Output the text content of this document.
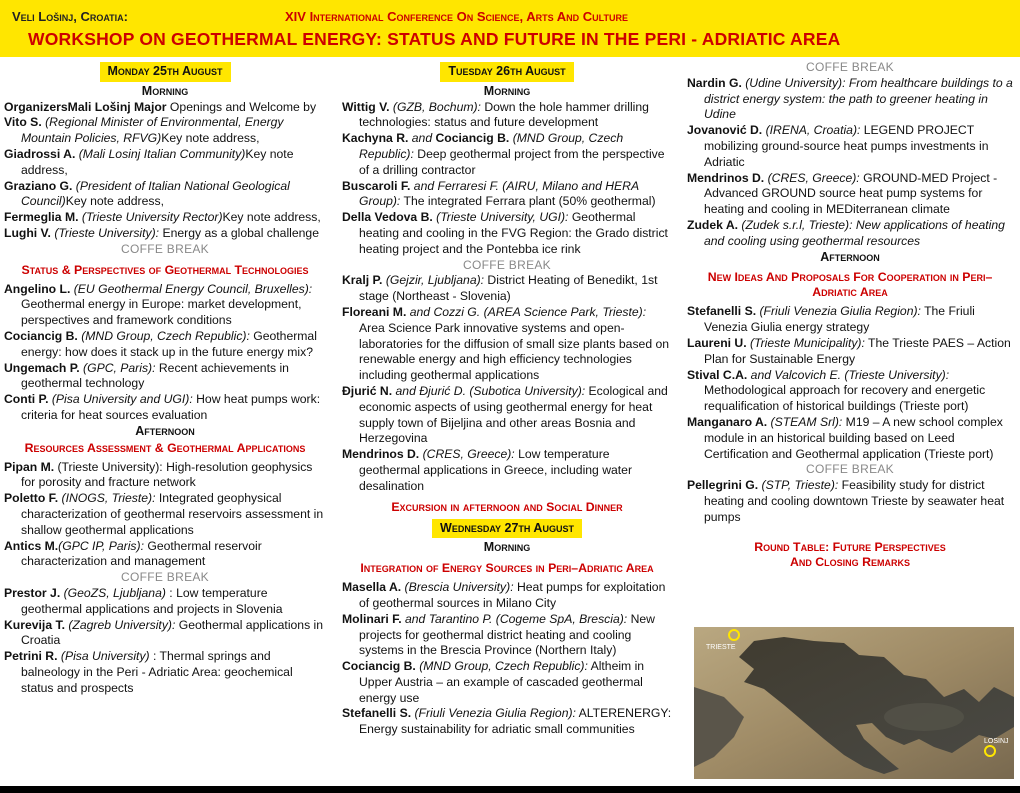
Veli Lošinj, Croatia:	XIV International Conference On Science, Arts And Culture
WORKSHOP ON GEOTHERMAL ENERGY: STATUS AND FUTURE IN THE PERI - ADRIATIC AREA
Monday 25th August
Morning
OrganizersMali Lošinj Major Openings and Welcome by
Vito S. (Regional Minister of Environmental, Energy Mountain Policies, RFVG)Key note address,
Giadrossi A. (Mali Losinj Italian Community)Key note address,
Graziano G. (President of Italian National Geological Council)Key note address,
Fermeglia M. (Trieste University Rector)Key note address,
Lughi V. (Trieste University): Energy as a global challenge
COFFE BREAK
Status & Perspectives of Geothermal Technologies
Angelino L. (EU Geothermal Energy Council, Bruxelles): Geothermal energy in Europe: market development, perspectives and framework conditions
Cociancig B. (MND Group, Czech Republic): Geothermal energy: how does it stack up in the future energy mix?
Ungemach P. (GPC, Paris): Recent achievements in geothermal technology
Conti P. (Pisa University and UGI): How heat pumps work: criteria for heat sources evaluation
Afternoon
Resources Assessment & Geothermal Applications
Pipan M. (Trieste University): High-resolution geophysics for porosity and fracture network
Poletto F. (INOGS, Trieste): Integrated geophysical characterization of geothermal reservoirs assessment in shallow geothermal applications
Antics M.(GPC IP, Paris): Geothermal reservoir characterization and management
COFFE BREAK
Prestor J. (GeoZS, Ljubljana) : Low temperature geothermal applications and projects in Slovenia
Kurevija T. (Zagreb University): Geothermal applications in Croatia
Petrini R. (Pisa University) : Thermal springs and balneology in the Peri - Adriatic Area: geochemical status and prospects
Tuesday 26th August
Morning
Wittig V. (GZB, Bochum): Down the hole hammer drilling technologies: status and future development
Kachyna R. and Cociancig B. (MND Group, Czech Republic): Deep geothermal project from the perspective of a drilling contractor
Buscaroli F. and Ferraresi F. (AIRU, Milano and HERA Group): The integrated Ferrara plant (50% geothermal)
Della Vedova B. (Trieste University, UGI): Geothermal heating and cooling in the FVG Region: the Grado district heating project and the Pontebba ice rink
COFFE BREAK
Kralj P. (Gejzir, Ljubljana): District Heating of Benedikt, 1st stage (Northeast - Slovenia)
Floreani M. and Cozzi G. (AREA Science Park, Trieste): Area Science Park innovative systems and open-laboratories for the diffusion of small size plants based on renewable energy and high efficiency technologies including geothermal applications
Đjurić N. and Đjurić D. (Subotica University): Ecological and economic aspects of using geothermal energy for heat supply town of Bijeljina and other areas Bosnia and Herzegovina
Mendrinos D. (CRES, Greece): Low temperature geothermal applications in Greece, including water desalination
Excursion in afternoon and Social Dinner
Wednesday 27th August
Morning
Integration of Energy Sources in Peri–Adriatic Area
Masella A. (Brescia University): Heat pumps for exploitation of geothermal sources in Milano City
Molinari F. and Tarantino P. (Cogeme SpA, Brescia): New projects for geothermal district heating and cooling systems in the Brescia Province (Northern Italy)
Cociancig B. (MND Group, Czech Republic): Altheim in Upper Austria – an example of cascaded geothermal energy use
Stefanelli S. (Friuli Venezia Giulia Region): ALTERENERGY: Energy sustainability for adriatic small communities
COFFE BREAK
Nardin G. (Udine University): From healthcare buildings to a district energy system: the path to greener heating in Udine
Jovanović D. (IRENA, Croatia): LEGEND PROJECT mobilizing ground-source heat pumps investments in Adriatic
Mendrinos D. (CRES, Greece): GROUND-MED Project - Advanced GROUND source heat pump systems for heating and cooling in MEDiterranean climate
Zudek A. (Zudek s.r.l, Trieste): New applications of heating and cooling using geothermal resources
Afternoon
New Ideas And Proposals For Cooperation in Peri–Adriatic Area
Stefanelli S. (Friuli Venezia Giulia Region): The Friuli Venezia Giulia energy strategy
Laureni U. (Trieste Municipality): The Trieste PAES – Action Plan for Sustainable Energy
Stival C.A. and Valcovich E. (Trieste University): Methodological approach for recovery and energetic requalification of historical buildings (Trieste port)
Manganaro A. (STEAM Srl): M19 – A new school complex module in an historical building based on Leed Certification and Geothermal application (Trieste port)
COFFE BREAK
Pellegrini G. (STP, Trieste): Feasibility study for district heating and cooling downtown Trieste by seawater heat pumps
Round Table: Future Perspectives
And Closing Remarks
TRIESTE
LOSINJ
